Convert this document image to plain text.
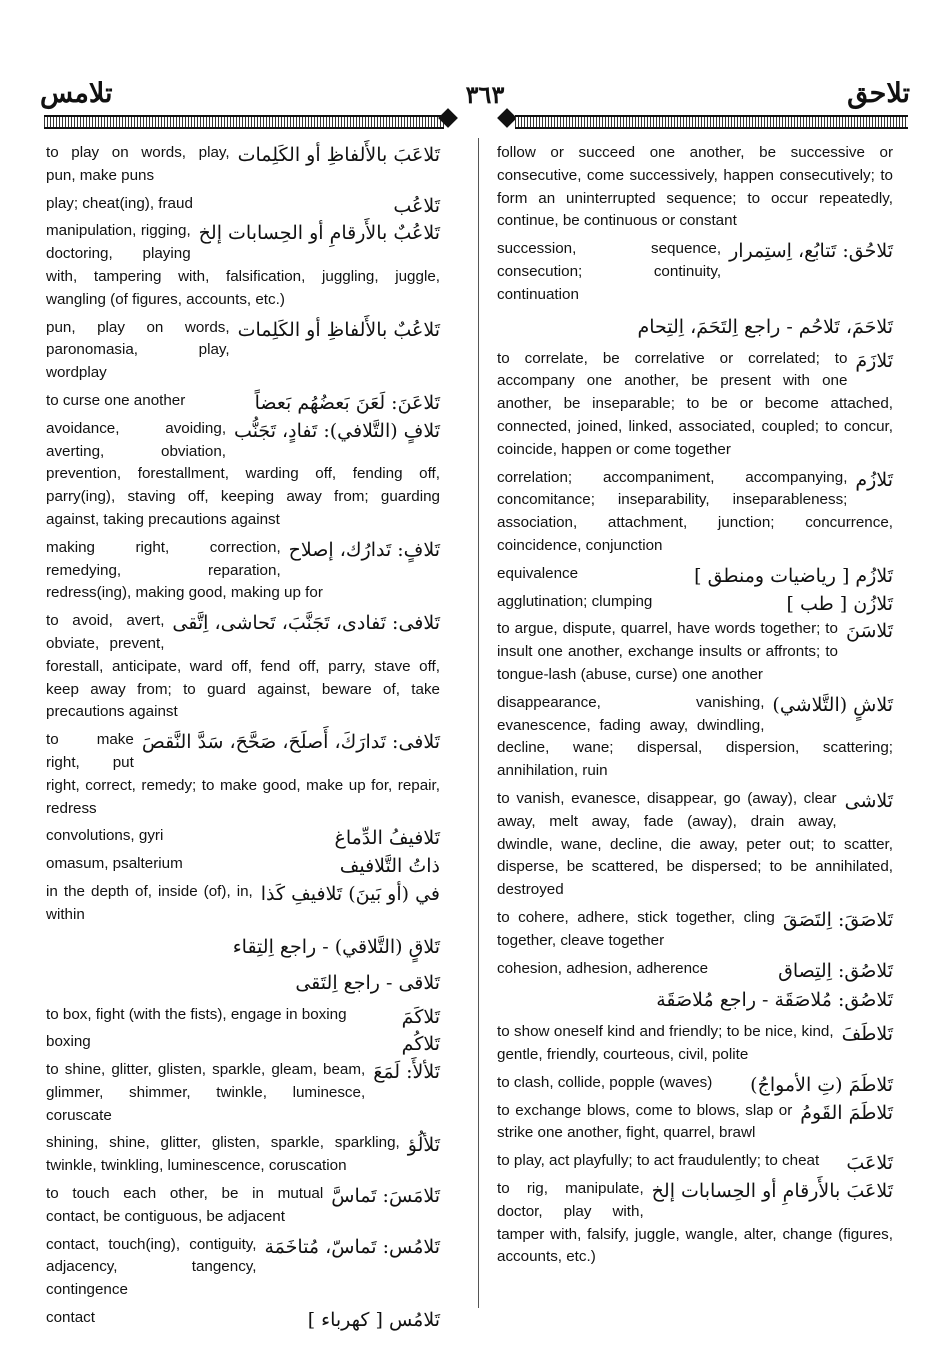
تلامس	٣٦٣	تلاحق
تَلاعَبَ بالأَلفاظِ أو الكَلِمات
to play on words, play, pun, make puns
تَلاعُب
play; cheat(ing), fraud
تَلاعُبٌ بالأَرقامِ أو الحِسابات إلخ
manipulation, rigging, doctoring, playing with, tampering with, falsification, juggling, juggle, wangling (of figures, accounts, etc.)
تَلاعُبٌ بالأَلفاظِ أو الكَلِمات
pun, play on words, paronomasia, play, wordplay
تَلاعَنَ: لَعَنَ بَعضُهُم بَعضاً
to curse one another
تَلافٍ (التَّلافي): تَفادٍ، تَجَنُّب
avoidance, avoiding, averting, obviation, prevention, forestallment, warding off, fending off, parry(ing), staving off, keeping away from; guarding against, taking precautions against
تَلافٍ: تَدارُك، إصلاح
making right, correction, remedying, reparation, redress(ing), making good, making up for
تَلافى: تَفادى، تَجَنَّبَ، تَحاشى، اِتَّقى
to avoid, avert, obviate, prevent, forestall, anticipate, ward off, fend off, parry, stave off, keep away from; to guard against, beware of, take precautions against
تَلافى: تَدارَكَ، أَصلَحَ، صَحَّحَ، سَدَّ النَّقصَ
to make right, put right, correct, remedy; to make good, make up for, repair, redress
تَلافيفُ الدِّماغ
convolutions, gyri
ذاتُ التَّلافيف
omasum, psalterium
في (أو بَينَ) تَلافيفِ كَذا
in the depth of, inside (of), in, within
تَلاقٍ (التَّلاقي) - راجع اِلتِقاء
تَلاقى - راجع اِلتَقى
تَلاكَمَ
to box, fight (with the fists), engage in boxing
تَلاكُم
boxing
تَلألأَ: لَمَعَ
to shine, glitter, glisten, sparkle, gleam, beam, glimmer, shimmer, twinkle, luminesce, coruscate
تَلألُؤ
shining, shine, glitter, glisten, sparkle, sparkling, twinkle, twinkling, luminescence, coruscation
تَلامَسَ: تَماسَّ
to touch each other, be in mutual contact, be contiguous, be adjacent
تَلامُس: تَماسّ، مُتاخَمَة
contact, touch(ing), contiguity, adjacency, tangency, contingence
تَلامُس [ كهرباء ]
contact
follow or succeed one another, be successive or consecutive, come successively, happen consecutively; to form an uninterrupted sequence; to occur repeatedly, continue, be continuous or constant
تَلاحُق: تَتابُع، اِستِمرار
succession, sequence, consecution; continuity, continuation
تَلاحَمَ، تَلاحُم - راجع اِلتَحَمَ، اِلتِحام
تَلازَمَ
to correlate, be correlative or correlated; to accompany one another, be present with one another, be inseparable; to be or become attached, connected, joined, linked, associated, coupled; to concur, coincide, happen or come together
تَلازُم
correlation; accompaniment, accompanying, concomitance; inseparability, inseparableness; association, attachment, junction; concurrence, coincidence, conjunction
تَلازُم [ رياضيات ومنطق ]
equivalence
تَلازُن [ طب ]
agglutination; clumping
تَلاسَنَ
to argue, dispute, quarrel, have words together; to insult one another, exchange insults or affronts; to tongue-lash (abuse, curse) one another
تَلاشٍ (التَّلاشي)
disappearance, vanishing, evanescence, fading away, dwindling, decline, wane; dispersal, dispersion, scattering; annihilation, ruin
تَلاشى
to vanish, evanesce, disappear, go (away), clear away, melt away, fade (away), drain away, dwindle, wane, decline, die away, peter out; to scatter, disperse, be scattered, be dispersed; to be annihilated, destroyed
تَلاصَقَ: اِلتَصَقَ
to cohere, adhere, stick together, cling together, cleave together
تَلاصُق: اِلتِصاق
cohesion, adhesion, adherence
تَلاصُق: مُلاصَقَة - راجع مُلاصَقَة
تَلاطَفَ
to show oneself kind and friendly; to be nice, kind, gentle, friendly, courteous, civil, polite
تَلاطَمَ (تِ الأمواجُ)
to clash, collide, popple (waves)
تَلاطَمَ القَومُ
to exchange blows, come to blows, slap or strike one another, fight, quarrel, brawl
تَلاعَبَ
to play, act playfully; to act fraudulently; to cheat
تَلاعَبَ بالأَرقامِ أو الحِسابات إلخ
to rig, manipulate, doctor, play with, tamper with, falsify, juggle, wangle, alter, change (figures, accounts, etc.)
